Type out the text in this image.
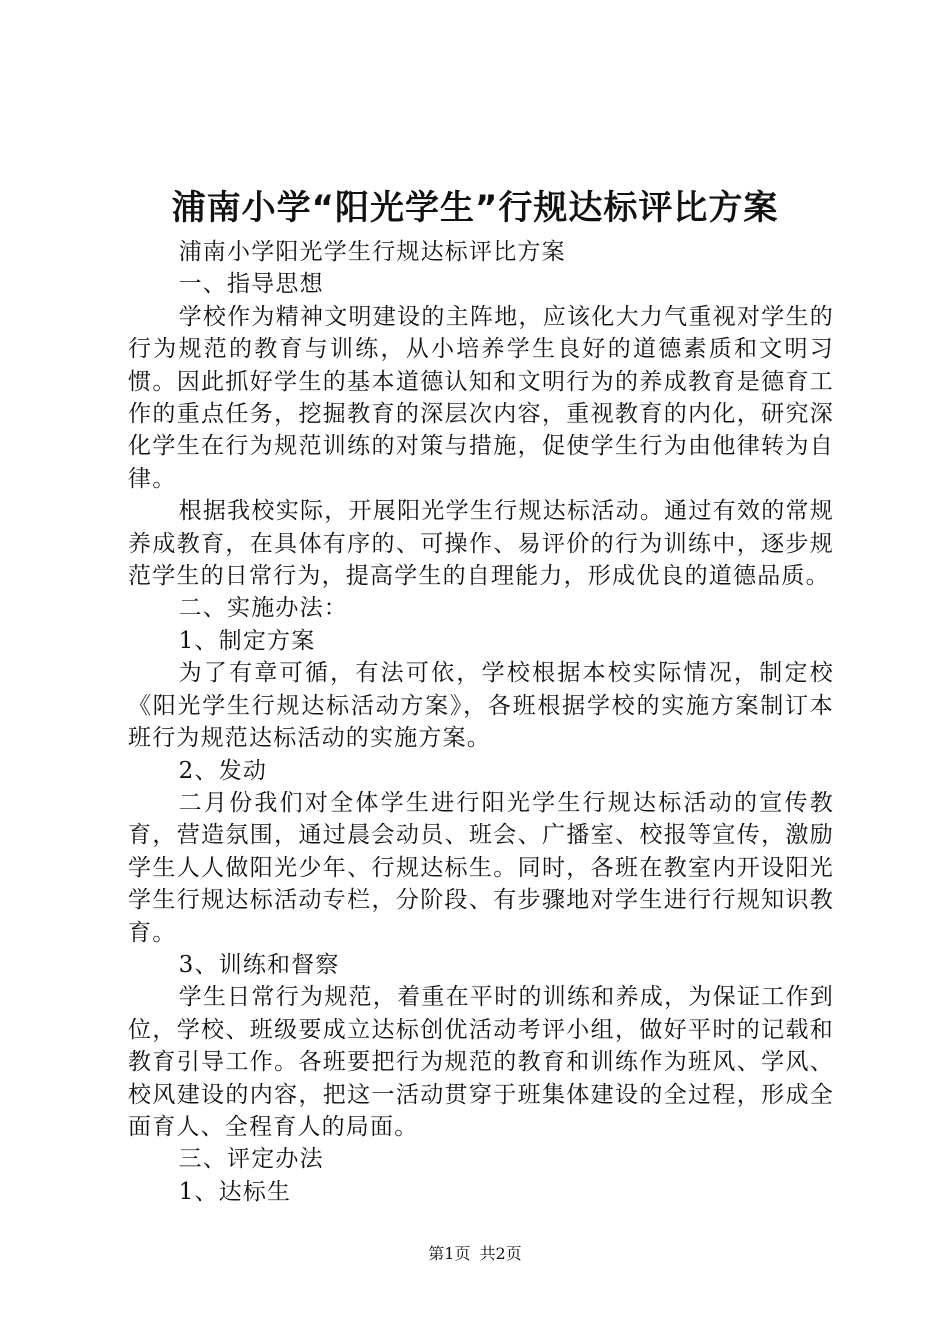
浦南小学“阳光学生”行规达标评比方案

浦南小学阳光学生行规达标评比方案

一、指导思想

学校作为精神文明建设的主阵地，应该化大力气重视对学生的行为规范的教育与训练，从小培养学生良好的道德素质和文明习惯。因此抓好学生的基本道德认知和文明行为的养成教育是德育工作的重点任务，挖掘教育的深层次内容，重视教育的内化，研究深化学生在行为规范训练的对策与措施，促使学生行为由他律转为自律。

根据我校实际，开展阳光学生行规达标活动。通过有效的常规养成教育，在具体有序的、可操作、易评价的行为训练中，逐步规范学生的日常行为，提高学生的自理能力，形成优良的道德品质。

二、实施办法：

1、制定方案

为了有章可循，有法可依，学校根据本校实际情况，制定校《阳光学生行规达标活动方案》，各班根据学校的实施方案制订本班行为规范达标活动的实施方案。

2、发动

二月份我们对全体学生进行阳光学生行规达标活动的宣传教育，营造氛围，通过晨会动员、班会、广播室、校报等宣传，激励学生人人做阳光少年、行规达标生。同时，各班在教室内开设阳光学生行规达标活动专栏，分阶段、有步骤地对学生进行行规知识教育。

3、训练和督察

学生日常行为规范，着重在平时的训练和养成，为保证工作到位，学校、班级要成立达标创优活动考评小组，做好平时的记载和教育引导工作。各班要把行为规范的教育和训练作为班风、学风、校风建设的内容，把这一活动贯穿于班集体建设的全过程，形成全面育人、全程育人的局面。

三、评定办法

1、达标生

第1页 共2页
